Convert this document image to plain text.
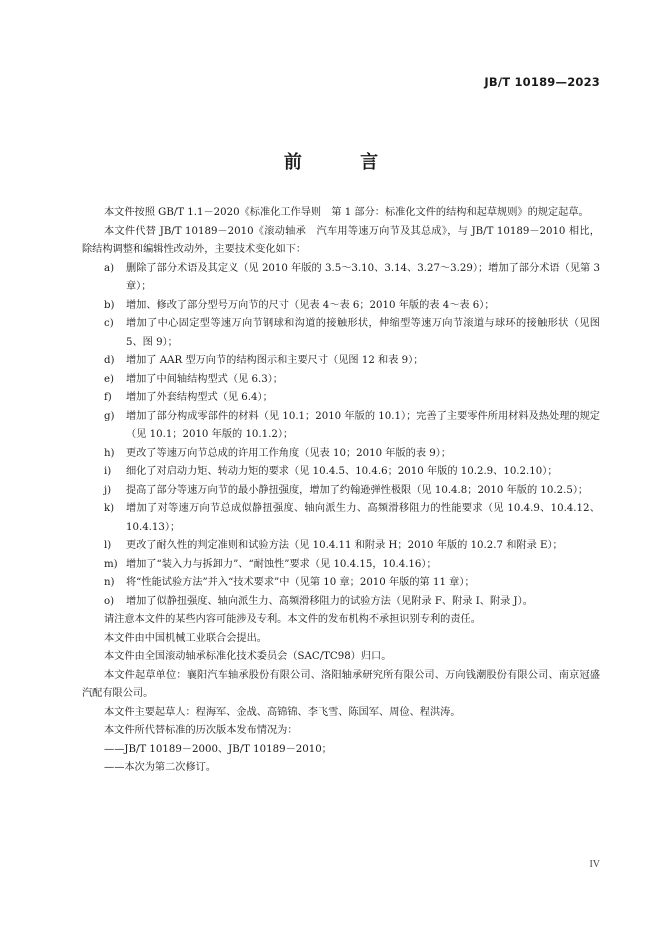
JB/T 10189—2023
前 言

本文件按照 GB/T 1.1－2020《标准化工作导则　第 1 部分：标准化文件的结构和起草规则》的规定起草。

本文件代替 JB/T 10189－2010《滚动轴承　汽车用等速万向节及其总成》，与 JB/T 10189－2010 相比，除结构调整和编辑性改动外，主要技术变化如下：

a)	删除了部分术语及其定义（见 2010 年版的 3.5～3.10、3.14、3.27～3.29）；增加了部分术语（见第 3 章）；
b)	增加、修改了部分型号万向节的尺寸（见表 4～表 6；2010 年版的表 4～表 6）；
c)	增加了中心固定型等速万向节钢球和沟道的接触形状，伸缩型等速万向节滚道与球环的接触形状（见图 5、图 9）；
d)	增加了 AAR 型万向节的结构图示和主要尺寸（见图 12 和表 9）；
e)	增加了中间轴结构型式（见 6.3）；
f)	增加了外套结构型式（见 6.4）；
g)	增加了部分构成零部件的材料（见 10.1；2010 年版的 10.1）；完善了主要零件所用材料及热处理的规定（见 10.1；2010 年版的 10.1.2）；
h)	更改了等速万向节总成的许用工作角度（见表 10；2010 年版的表 9）；
i)	细化了对启动力矩、转动力矩的要求（见 10.4.5、10.4.6；2010 年版的 10.2.9、10.2.10）；
j)	提高了部分等速万向节的最小静扭强度，增加了约翰逊弹性极限（见 10.4.8；2010 年版的 10.2.5）；
k)	增加了对等速万向节总成似静扭强度、轴向派生力、高频滑移阻力的性能要求（见 10.4.9、10.4.12、10.4.13）；
l)	更改了耐久性的判定准则和试验方法（见 10.4.11 和附录 H；2010 年版的 10.2.7 和附录 E）；
m) 增加了“装入力与拆卸力”、“耐蚀性”要求（见 10.4.15，10.4.16）；
n)	将“性能试验方法”并入“技术要求”中（见第 10 章；2010 年版的第 11 章）；
o)	增加了似静扭强度、轴向派生力、高频滑移阻力的试验方法（见附录 F、附录 I、附录 J）。

请注意本文件的某些内容可能涉及专利。本文件的发布机构不承担识别专利的责任。

本文件由中国机械工业联合会提出。

本文件由全国滚动轴承标准化技术委员会（SAC/TC98）归口。

本文件起草单位：襄阳汽车轴承股份有限公司、洛阳轴承研究所有限公司、万向钱潮股份有限公司、南京冠盛汽配有限公司。

本文件主要起草人：程海军、金战、高锦锦、李飞雪、陈国军、周俭、程洪涛。

本文件所代替标准的历次版本发布情况为：

——JB/T 10189－2000、JB/T 10189－2010；

——本次为第二次修订。

IV
